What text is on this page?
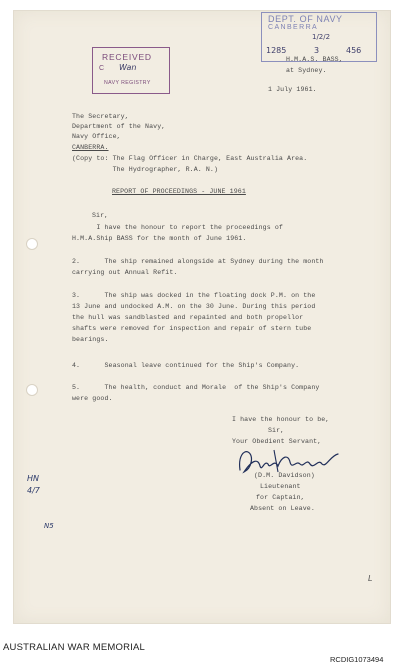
DEPT. OF NAVY
CANBERRA
1/2/2
1285	3	456
RECEIVED
C Wan
NAVY REGISTRY
H.M.A.S. BASS,
at Sydney.
1 July 1961.
The Secretary,
Department of the Navy,
Navy Office,
CANBERRA.
(Copy to: The Flag Officer in Charge, East Australia Area.
The Hydrographer, R.A. N.)
REPORT OF PROCEEDINGS - JUNE 1961
Sir,
I have the honour to report the proceedings of
H.M.A.Ship BASS for the month of June 1961.
2.      The ship remained alongside at Sydney during the month
carrying out Annual Refit.
3.      The ship was docked in the floating dock P.M. on the
13 June and undocked A.M. on the 30 June. During this period
the hull was sandblasted and repainted and both propellor
shafts were removed for inspection and repair of stern tube
bearings.
4.      Seasonal leave continued for the Ship's Company.
5.      The health, conduct and Morale  of the Ship's Company
were good.
I have the honour to be,
Sir,
Your Obedient Servant,
(D.M. Davidson)
Lieutenant
for Captain,
Absent on Leave.
HN
4/7
N5
L
AUSTRALIAN WAR MEMORIAL
RCDIG1073494
